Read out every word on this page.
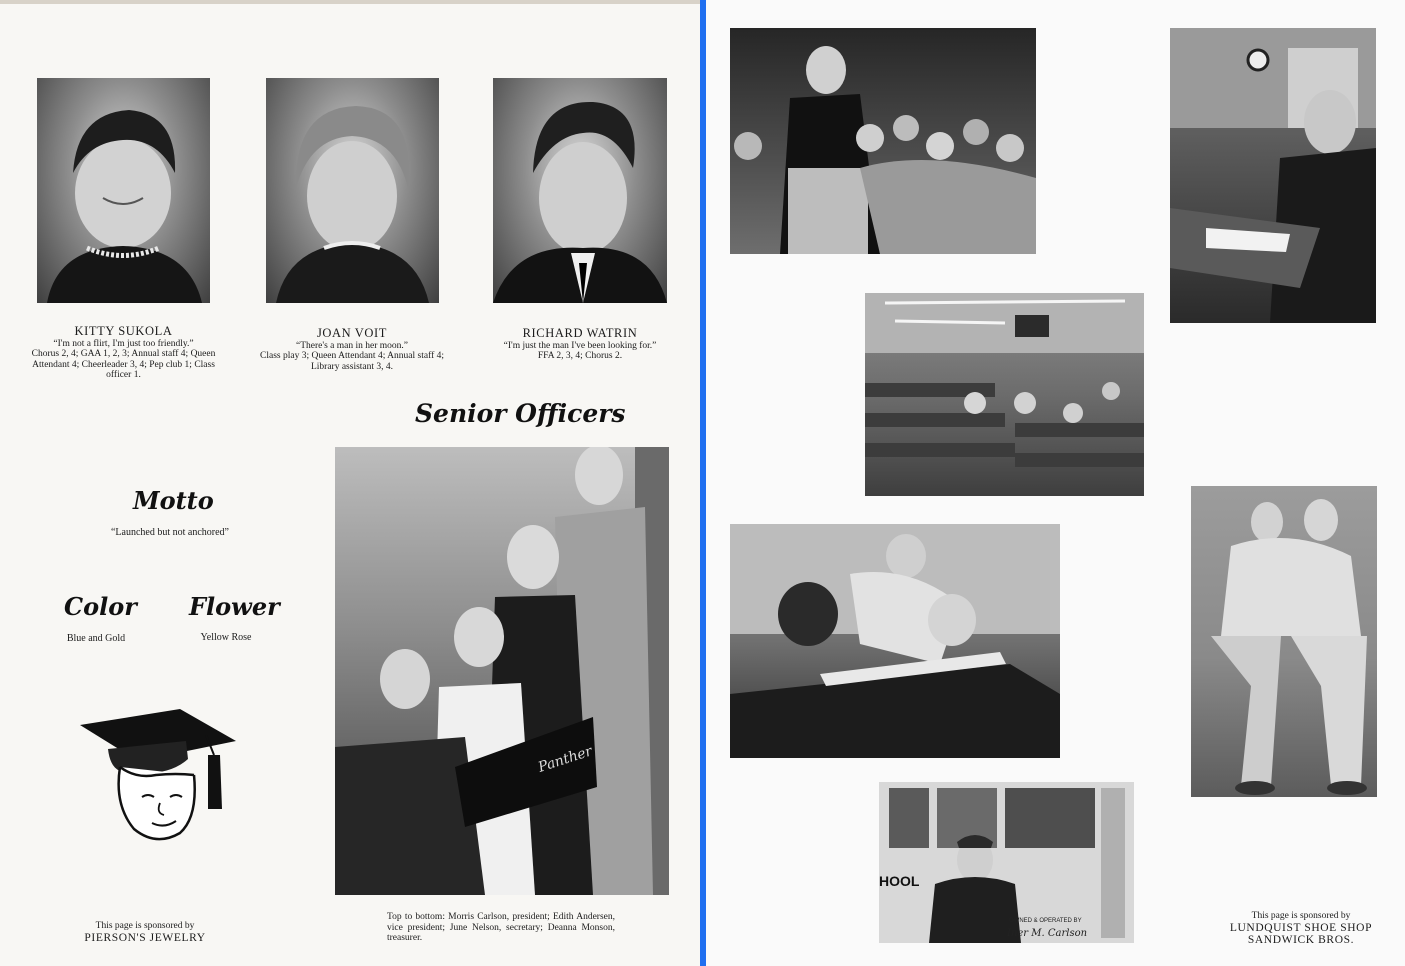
KITTY SUKOLA
“I'm not a flirt, I'm just too friendly.”
Chorus 2, 4; GAA 1, 2, 3; Annual staff 4; Queen Attendant 4; Cheerleader 3, 4; Pep club 1; Class officer 1.
JOAN VOIT
“There's a man in her moon.”
Class play 3; Queen Attendant 4; Annual staff 4; Library assistant 3, 4.
RICHARD WATRIN
“I'm just the man I've been looking for.”
FFA 2, 3, 4; Chorus 2.
Senior Officers
Motto
“Launched but not anchored”
Color
Blue and Gold
Flower
Yellow Rose
Panther
Top to bottom: Morris Carlson, president; Edith Andersen, vice president; June Nelson, secretary; Deanna Monson, treasurer.
This page is sponsored by
PIERSON'S JEWELRY
HOOL
OWNED & OPERATED BY
Iner M. Carlson
This page is sponsored by
LUNDQUIST SHOE SHOP
SANDWICK BROS.
